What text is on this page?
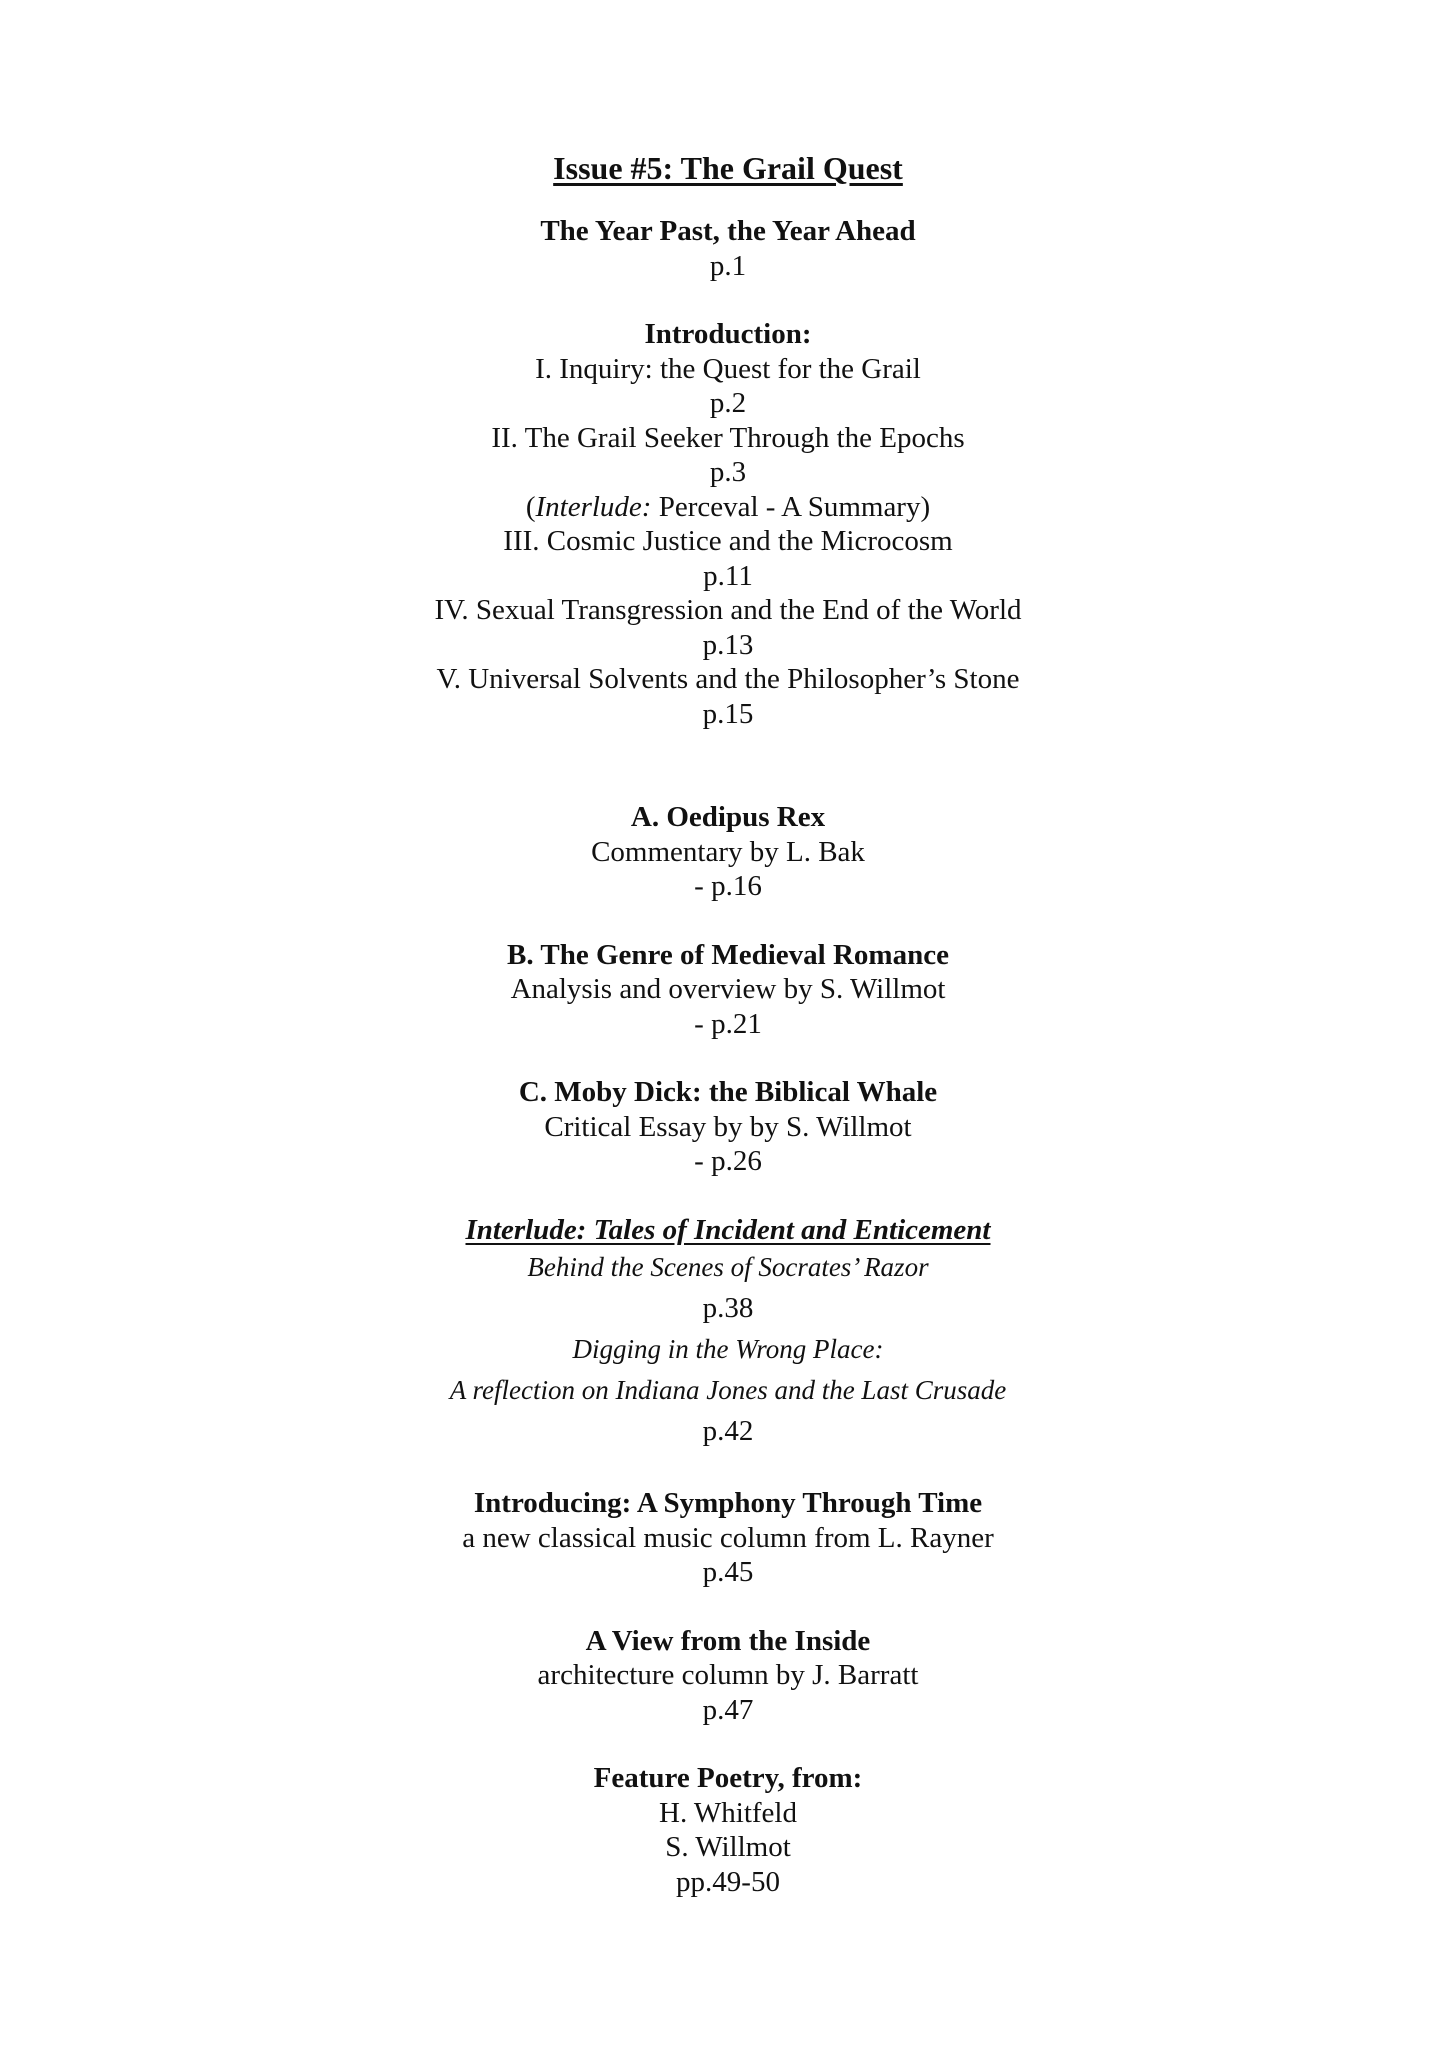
Issue #5: The Grail Quest
The Year Past, the Year Ahead
p.1
Introduction:
I. Inquiry: the Quest for the Grail
p.2
II. The Grail Seeker Through the Epochs
p.3
(Interlude: Perceval - A Summary)
III. Cosmic Justice and the Microcosm
p.11
IV. Sexual Transgression and the End of the World
p.13
V. Universal Solvents and the Philosopher’s Stone
p.15
A. Oedipus Rex
Commentary by L. Bak
- p.16
B. The Genre of Medieval Romance
Analysis and overview by S. Willmot
- p.21
C. Moby Dick: the Biblical Whale
Critical Essay by by S. Willmot
- p.26
Interlude: Tales of Incident and Enticement
Behind the Scenes of Socrates’ Razor
p.38
Digging in the Wrong Place:
A reflection on Indiana Jones and the Last Crusade
p.42
Introducing: A Symphony Through Time
a new classical music column from L. Rayner
p.45
A View from the Inside
architecture column by J. Barratt
p.47
Feature Poetry, from:
H. Whitfeld
S. Willmot
pp.49-50
